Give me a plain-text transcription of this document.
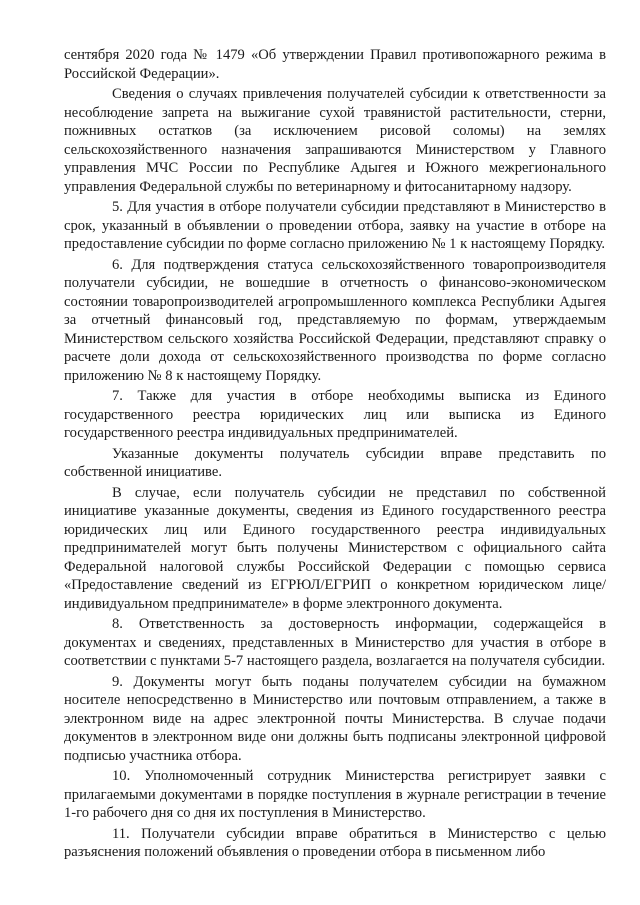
сентября 2020 года № 1479 «Об утверждении Правил противопожарного режима в Российской Федерации».

Сведения о случаях привлечения получателей субсидии к ответственности за несоблюдение запрета на выжигание сухой травянистой растительности, стерни, пожнивных остатков (за исключением рисовой соломы) на землях сельскохозяйственного назначения запрашиваются Министерством у Главного управления МЧС России по Республике Адыгея и Южного межрегионального управления Федеральной службы по ветеринарному и фитосанитарному надзору.

5. Для участия в отборе получатели субсидии представляют в Министерство в срок, указанный в объявлении о проведении отбора, заявку на участие в отборе на предоставление субсидии по форме согласно приложению № 1 к настоящему Порядку.

6. Для подтверждения статуса сельскохозяйственного товаропроизводителя получатели субсидии, не вошедшие в отчетность о финансово-экономическом состоянии товаропроизводителей агропромышленного комплекса Республики Адыгея за отчетный финансовый год, представляемую по формам, утверждаемым Министерством сельского хозяйства Российской Федерации, представляют справку о расчете доли дохода от сельскохозяйственного производства по форме согласно приложению № 8 к настоящему Порядку.

7. Также для участия в отборе необходимы выписка из Единого государственного реестра юридических лиц или выписка из Единого государственного реестра индивидуальных предпринимателей.

Указанные документы получатель субсидии вправе представить по собственной инициативе.

В случае, если получатель субсидии не представил по собственной инициативе указанные документы, сведения из Единого государственного реестра юридических лиц или Единого государственного реестра индивидуальных предпринимателей могут быть получены Министерством с официального сайта Федеральной налоговой службы Российской Федерации с помощью сервиса «Предоставление сведений из ЕГРЮЛ/ЕГРИП о конкретном юридическом лице/индивидуальном предпринимателе» в форме электронного документа.

8. Ответственность за достоверность информации, содержащейся в документах и сведениях, представленных в Министерство для участия в отборе в соответствии с пунктами 5-7 настоящего раздела, возлагается на получателя субсидии.

9. Документы могут быть поданы получателем субсидии на бумажном носителе непосредственно в Министерство или почтовым отправлением, а также в электронном виде на адрес электронной почты Министерства. В случае подачи документов в электронном виде они должны быть подписаны электронной цифровой подписью участника отбора.

10. Уполномоченный сотрудник Министерства регистрирует заявки с прилагаемыми документами в порядке поступления в журнале регистрации в течение 1-го рабочего дня со дня их поступления в Министерство.

11. Получатели субсидии вправе обратиться в Министерство с целью разъяснения положений объявления о проведении отбора в письменном либо
